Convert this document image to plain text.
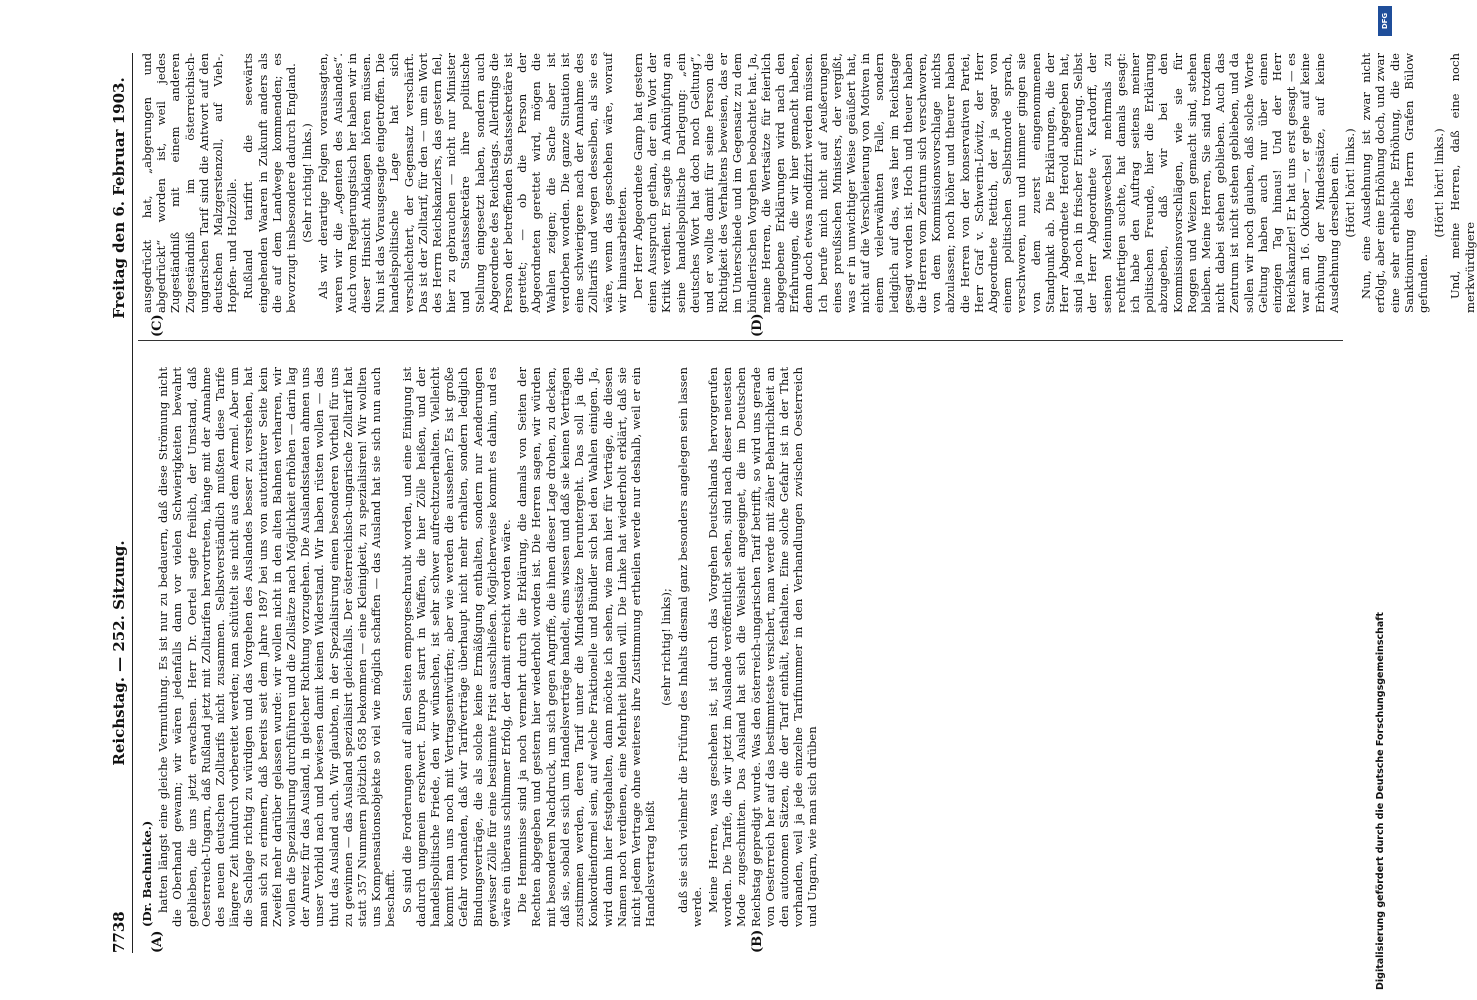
7738
Reichstag. — 252. Sitzung.
Freitag den 6. Februar 1903.
(A)	(B)
(C)	(D)

(Dr. Bachnicke.) hatten längst eine gleiche Vermuthung. Es ist nur zu bedauern, daß diese Strömung nicht die Oberhand gewann; wir wären jedenfalls dann vor vielen Schwierigkeiten bewahrt geblieben, die uns jetzt erwachsen. Herr Dr. Oertel sagte freilich, der Umstand, daß Oesterreich-Ungarn, daß Rußland jetzt mit Zolltarifen hervortreten, hänge mit der Annahme des neuen deutschen Zolltarifs nicht zusammen. Selbstverständlich mußten diese Tarife längere Zeit hindurch vorbereitet werden; man schüttelt sie nicht aus dem Aermel. Aber um die Sachlage richtig zu würdigen und das Vorgehen des Auslandes besser zu verstehen, hat man sich zu erinnern, daß bereits seit dem Jahre 1897 bei uns von autoritativer Seite kein Zweifel mehr darüber gelassen wurde: wir wollen nicht in den alten Bahnen verharren, wir wollen die Spezialisirung durchführen und die Zollsätze nach Möglichkeit erhöhen — darin lag der Anreiz für das Ausland, in gleicher Richtung vorzugehen. Die Auslandsstaaten ahmen uns unser Vorbild nach und bewiesen damit keinen Widerstand. Wir haben rüsten wollen — das thut das Ausland auch. Wir glaubten, in der Spezialisirung einen besonderen Vortheil für uns zu gewinnen — das Ausland spezialisirt gleichfalls. Der österreichisch-ungarische Zolltarif hat statt 357 Nummern plötzlich 658 bekommen — eine Kleinigkeit, zu spezialisiren! Wir wollten uns Kompensationsobjekte so viel wie möglich schaffen — das Ausland hat sie sich nun auch beschafft. So sind die Forderungen auf allen Seiten emporgeschraubt worden, und eine Einigung ist dadurch ungemein erschwert. Europa starrt in Waffen, die hier Zölle heißen, und der handelspolitische Friede, den wir wünschen, ist sehr schwer aufrechtzuerhalten. Vielleicht kommt man uns noch mit Vertragsentwürfen; aber wie werden die aussehen? Es ist große Gefahr vorhanden, daß wir Tarifverträge überhaupt nicht mehr erhalten, sondern lediglich Bindungsverträge, die als solche keine Ermäßigung enthalten, sondern nur Aenderungen gewisser Zölle für eine bestimmte Frist ausschließen. Möglicherweise kommt es dahin, und es wäre ein überaus schlimmer Erfolg, der damit erreicht worden wäre. Die Hemmnisse sind ja noch vermehrt durch die Erklärung, die damals von Seiten der Rechten abgegeben und gestern hier wiederholt worden ist. Die Herren sagen, wir würden mit besonderem Nachdruck, um sich gegen Angriffe, die ihnen dieser Lage drohen, zu decken, daß sie, sobald es sich um Handelsverträge handelt, eins wissen und daß sie keinen Verträgen zustimmen werden, deren Tarif unter die Mindestsätze heruntergeht. Das soll ja die Konkordienformel sein, auf welche Fraktionelle und Bündler sich bei den Wahlen einigen. Ja, wird dann hier festgehalten, dann möchte ich sehen, wie man hier für Verträge, die diesen Namen noch verdienen, eine Mehrheit bilden will. Die Linke hat wiederholt erklärt, daß sie nicht jedem Vertrage ohne weiteres ihre Zustimmung ertheilen werde nur deshalb, weil er ein Handelsvertrag heißt

(sehr richtig! links); daß sie sich vielmehr die Prüfung des Inhalts diesmal ganz besonders angelegen sein lassen werde. Meine Herren, was geschehen ist, ist durch das Vorgehen Deutschlands hervorgerufen worden. Die Tarife, die wir jetzt im Auslande veröffentlicht sehen, sind nach dieser neuesten Mode zugeschnitten. Das Ausland hat sich die Weisheit angeeignet, die im Deutschen Reichstag gepredigt wurde. Was den österreich-ungarischen Tarif betrifft, so wird uns gerade von Oesterreich her auf das bestimmteste versichert, man werde mit zäher Beharrlichkeit an den autonomen Sätzen, die der Tarif enthält, festhalten. Eine solche Gefahr ist in der That vorhanden, weil ja jede einzelne Tarifnummer in den Verhandlungen zwischen Oesterreich und Ungarn, wie man sich drüben

ausgedrückt hat, „abgerungen und abgedrückt“ worden ist, weil jedes Zugeständniß mit einem anderen Zugeständniß im österreichisch-ungarischen Tarif sind die Antwort auf den deutschen Malzgerstenzoll, auf Vieh-, Hopfen- und Holzzölle. Rußland tarifirt die seewärts eingehenden Waaren in Zukunft anders als die auf dem Landwege kommenden; es bevorzugt insbesondere dadurch England. (Sehr richtig! links.) Als wir derartige Folgen voraussagten, waren wir die „Agenten des Auslandes“. Auch vom Regierungstisch her haben wir in dieser Hinsicht Anklagen hören müssen. Nun ist das Vorausgesagte eingetroffen. Die handelspolitische Lage hat sich verschlechtert, der Gegensatz verschärft. Das ist der Zolltarif, für den — um ein Wort des Herrn Reichskanzlers, das gestern fiel, hier zu gebrauchen — nicht nur Minister und Staatssekretäre ihre politische Stellung eingesetzt haben, sondern auch Abgeordnete des Reichstags. Allerdings die Person der betreffenden Staatssekretäre ist gerettet; — ob die Person der Abgeordneten gerettet wird, mögen die Wahlen zeigen; die Sache aber ist verdorben worden. Die ganze Situation ist eine schwierigere nach der Annahme des Zolltarifs und wegen desselben, als sie es wäre, wenn das geschehen wäre, worauf wir hinausarbeiteten. Der Herr Abgeordnete Gamp hat gestern einen Ausspruch gethan, der ein Wort der Kritik verdient. Er sagte in Anknüpfung an seine handelspolitische Darlegung: „ein deutsches Wort hat doch noch Geltung“, und er wollte damit für seine Person die Richtigkeit des Verhaltens beweisen, das er im Unterschiede und im Gegensatz zu dem bündlerischen Vorgehen beobachtet hat. Ja, meine Herren, die Wertsätze für feierlich abgegebene Erklärungen wird nach den Erfahrungen, die wir hier gemacht haben, denn doch etwas modifizirt werden müssen. Ich berufe mich nicht auf Aeußerungen eines preußischen Ministers, der vergißt, was er in unwichtiger Weise geäußert hat, nicht auf die Verschleierung von Motiven in einem vielerwähnten Falle, sondern lediglich auf das, was hier im Reichstage gesagt worden ist. Hoch und theuer haben die Herren vom Zentrum sich verschworen, von dem Kommissionsvorschlage nichts abzulassen; noch höher und theurer haben die Herren von der konservativen Partei, Herr Graf v. Schwerin-Löwitz, der Herr Abgeordnete Rettich, der ja sogar von einem politischen Selbstmorde sprach, verschworen, nun und nimmer gingen sie von dem zuerst eingenommenen Standpunkt ab. Die Erklärungen, die der Herr Abgeordnete Herold abgegeben hat, sind ja noch in frischer Erinnerung. Selbst der Herr Abgeordnete v. Kardorff, der seinen Meinungswechsel mehrmals zu rechtfertigen suchte, hat damals gesagt: ich habe den Auftrag seitens meiner politischen Freunde, hier die Erklärung abzugeben, daß wir bei den Kommissionsvorschlägen, wie sie für Roggen und Weizen gemacht sind, stehen bleiben. Meine Herren, Sie sind trotzdem nicht dabei stehen geblieben. Auch das Zentrum ist nicht stehen geblieben, und da sollen wir noch glauben, daß solche Worte Geltung haben auch nur über einen einzigen Tag hinaus! Und der Herr Reichskanzler! Er hat uns erst gesagt — es war am 16. Oktober —, er gehe auf keine Erhöhung der Mindestsätze, auf keine Ausdehnung derselben ein. (Hört! hört! links.) Nun, eine Ausdehnung ist zwar nicht erfolgt, aber eine Erhöhung doch, und zwar eine sehr erhebliche Erhöhung, die die Sanktionirung des Herrn Grafen Bülow gefunden.

(Hört! hört! links.) Und, meine Herren, daß eine noch merkwürdigere

DFG
Digitalisierung gefördert durch die Deutsche Forschungsgemeinschaft
